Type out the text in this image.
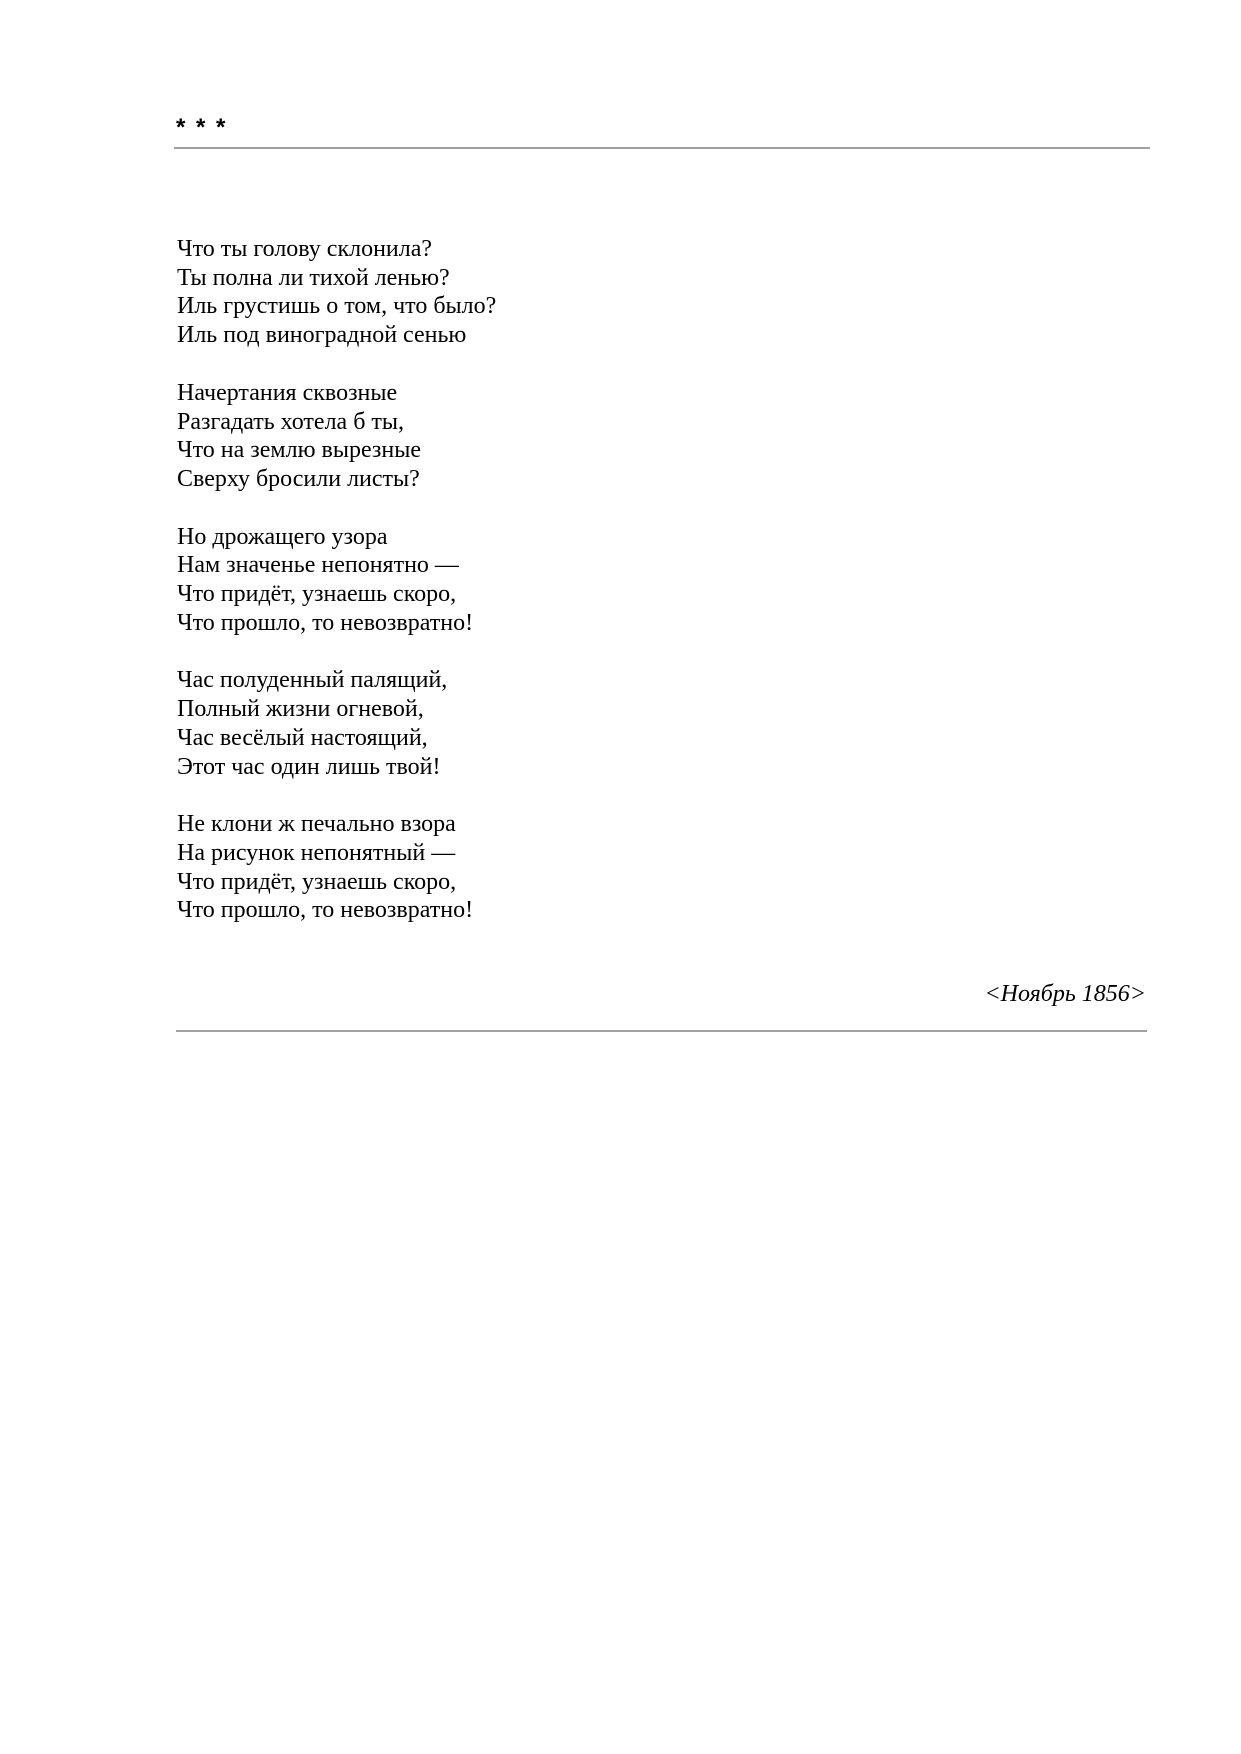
* * *
Что ты голову склонила?
Ты полна ли тихой ленью?
Иль грустишь о том, что было?
Иль под виноградной сенью
Начертания сквозные
Разгадать хотела б ты,
Что на землю вырезные
Сверху бросили листы?
Но дрожащего узора
Нам значенье непонятно —
Что придёт, узнаешь скоро,
Что прошло, то невозвратно!
Час полуденный палящий,
Полный жизни огневой,
Час весёлый настоящий,
Этот час один лишь твой!
Не клони ж печально взора
На рисунок непонятный —
Что придёт, узнаешь скоро,
Что прошло, то невозвратно!
<Ноябрь 1856>
